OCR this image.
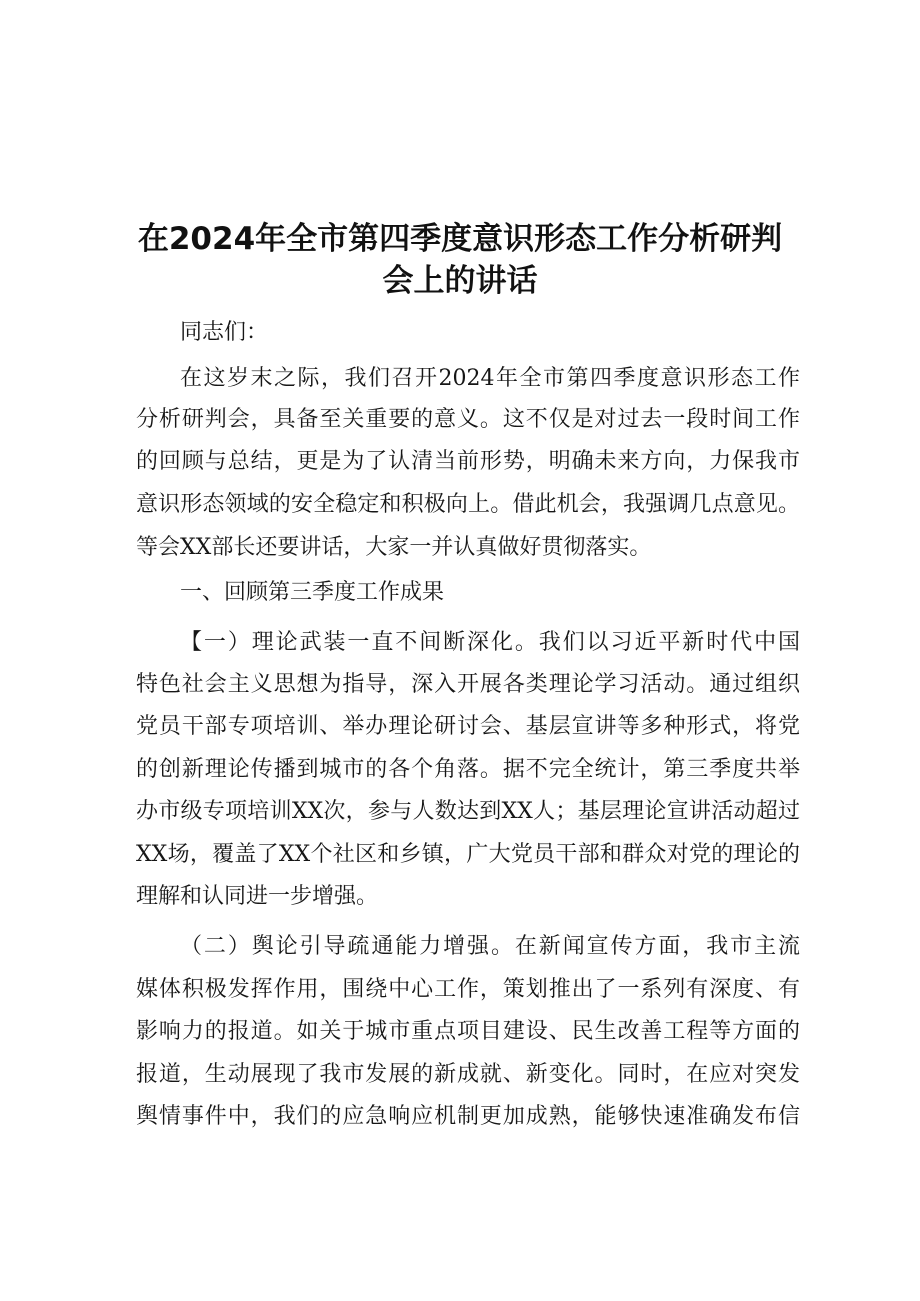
在2024年全市第四季度意识形态工作分析研判
会上的讲话
同志们：
在这岁末之际，我们召开2024年全市第四季度意识形态工作
分析研判会，具备至关重要的意义。这不仅是对过去一段时间工作
的回顾与总结，更是为了认清当前形势，明确未来方向，力保我市
意识形态领域的安全稳定和积极向上。借此机会，我强调几点意见。
等会XX部长还要讲话，大家一并认真做好贯彻落实。
一、回顾第三季度工作成果
【一）理论武装一直不间断深化。我们以习近平新时代中国
特色社会主义思想为指导，深入开展各类理论学习活动。通过组织
党员干部专项培训、举办理论研讨会、基层宣讲等多种形式，将党
的创新理论传播到城市的各个角落。据不完全统计，第三季度共举
办市级专项培训XX次，参与人数达到XX人；基层理论宣讲活动超过
XX场，覆盖了XX个社区和乡镇，广大党员干部和群众对党的理论的
理解和认同进一步增强。
（二）舆论引导疏通能力增强。在新闻宣传方面，我市主流
媒体积极发挥作用，围绕中心工作，策划推出了一系列有深度、有
影响力的报道。如关于城市重点项目建设、民生改善工程等方面的
报道，生动展现了我市发展的新成就、新变化。同时，在应对突发
舆情事件中，我们的应急响应机制更加成熟，能够快速准确发布信
